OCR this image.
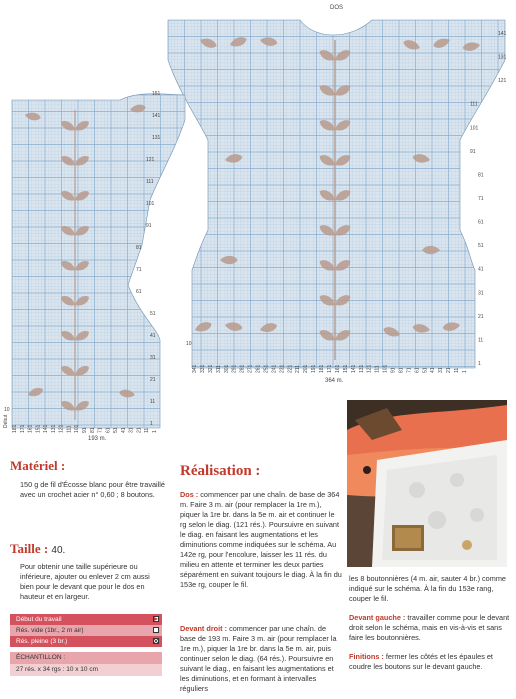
141
131
121
111
101
91
81
71
61
51
41
31
21
11
1
10
151
141
131
121
111
101
91
81
71
61
51
41
31
21
11
1
10
341 331 321 311 301 291 281 271 261 251 241 231 221 211 201 191 181 171 161 151 141 131 121 111 101 91 81 71 61 51 41 31 21 11 1
181 171 161 151 141 131 121 111 101 91 81 71 61 51 41 31 21 11 1
DOS
364 m.
193 m.
Début
Matériel :

150 g de fil d'Écosse blanc pour être travaillé avec un crochet acier n° 0,60 ; 8 boutons.

Taille : 40.

Pour obtenir une taille supérieure ou inférieure, ajouter ou enlever 2 cm aussi bien pour le devant que pour le dos en hauteur et en largeur.

Début du travail
Rés. vide (1br., 2 m air)
Rés. pleine (3 br.)
ÉCHANTILLON :
27 rés. x 34 rgs : 10 x 10 cm
Réalisation :

Dos : commencer par une chaîn. de base de 364 m. Faire 3 m. air (pour remplacer la 1re m.), piquer la 1re br. dans la 5e m. air et continuer le rg selon le diag. (121 rés.). Poursuivre en suivant le diag. en faisant les augmentations et les diminutions comme indiquées sur le schéma. Au 142e rg, pour l'encolure, laisser les 11 rés. du milieu en attente et terminer les deux parties séparément en suivant toujours le diag. À la fin du 153e rg, couper le fil.

Devant droit : commencer par une chaîn. de base de 193 m. Faire 3 m. air (pour remplacer la 1re m.), piquer la 1re br. dans la 5e m. air, puis continuer selon le diag. (64 rés.). Poursuivre en suivant le diag., en faisant les augmentations et les diminutions, et en formant à intervalles réguliers

les 8 boutonnières (4 m. air, sauter 4 br.) comme indiqué sur le schéma. À la fin du 153e rang, couper le fil.

Devant gauche : travailler comme pour le devant droit selon le schéma, mais en vis-à-vis et sans faire les boutonnières.

Finitions : fermer les côtés et les épaules et coudre les boutons sur le devant gauche.
